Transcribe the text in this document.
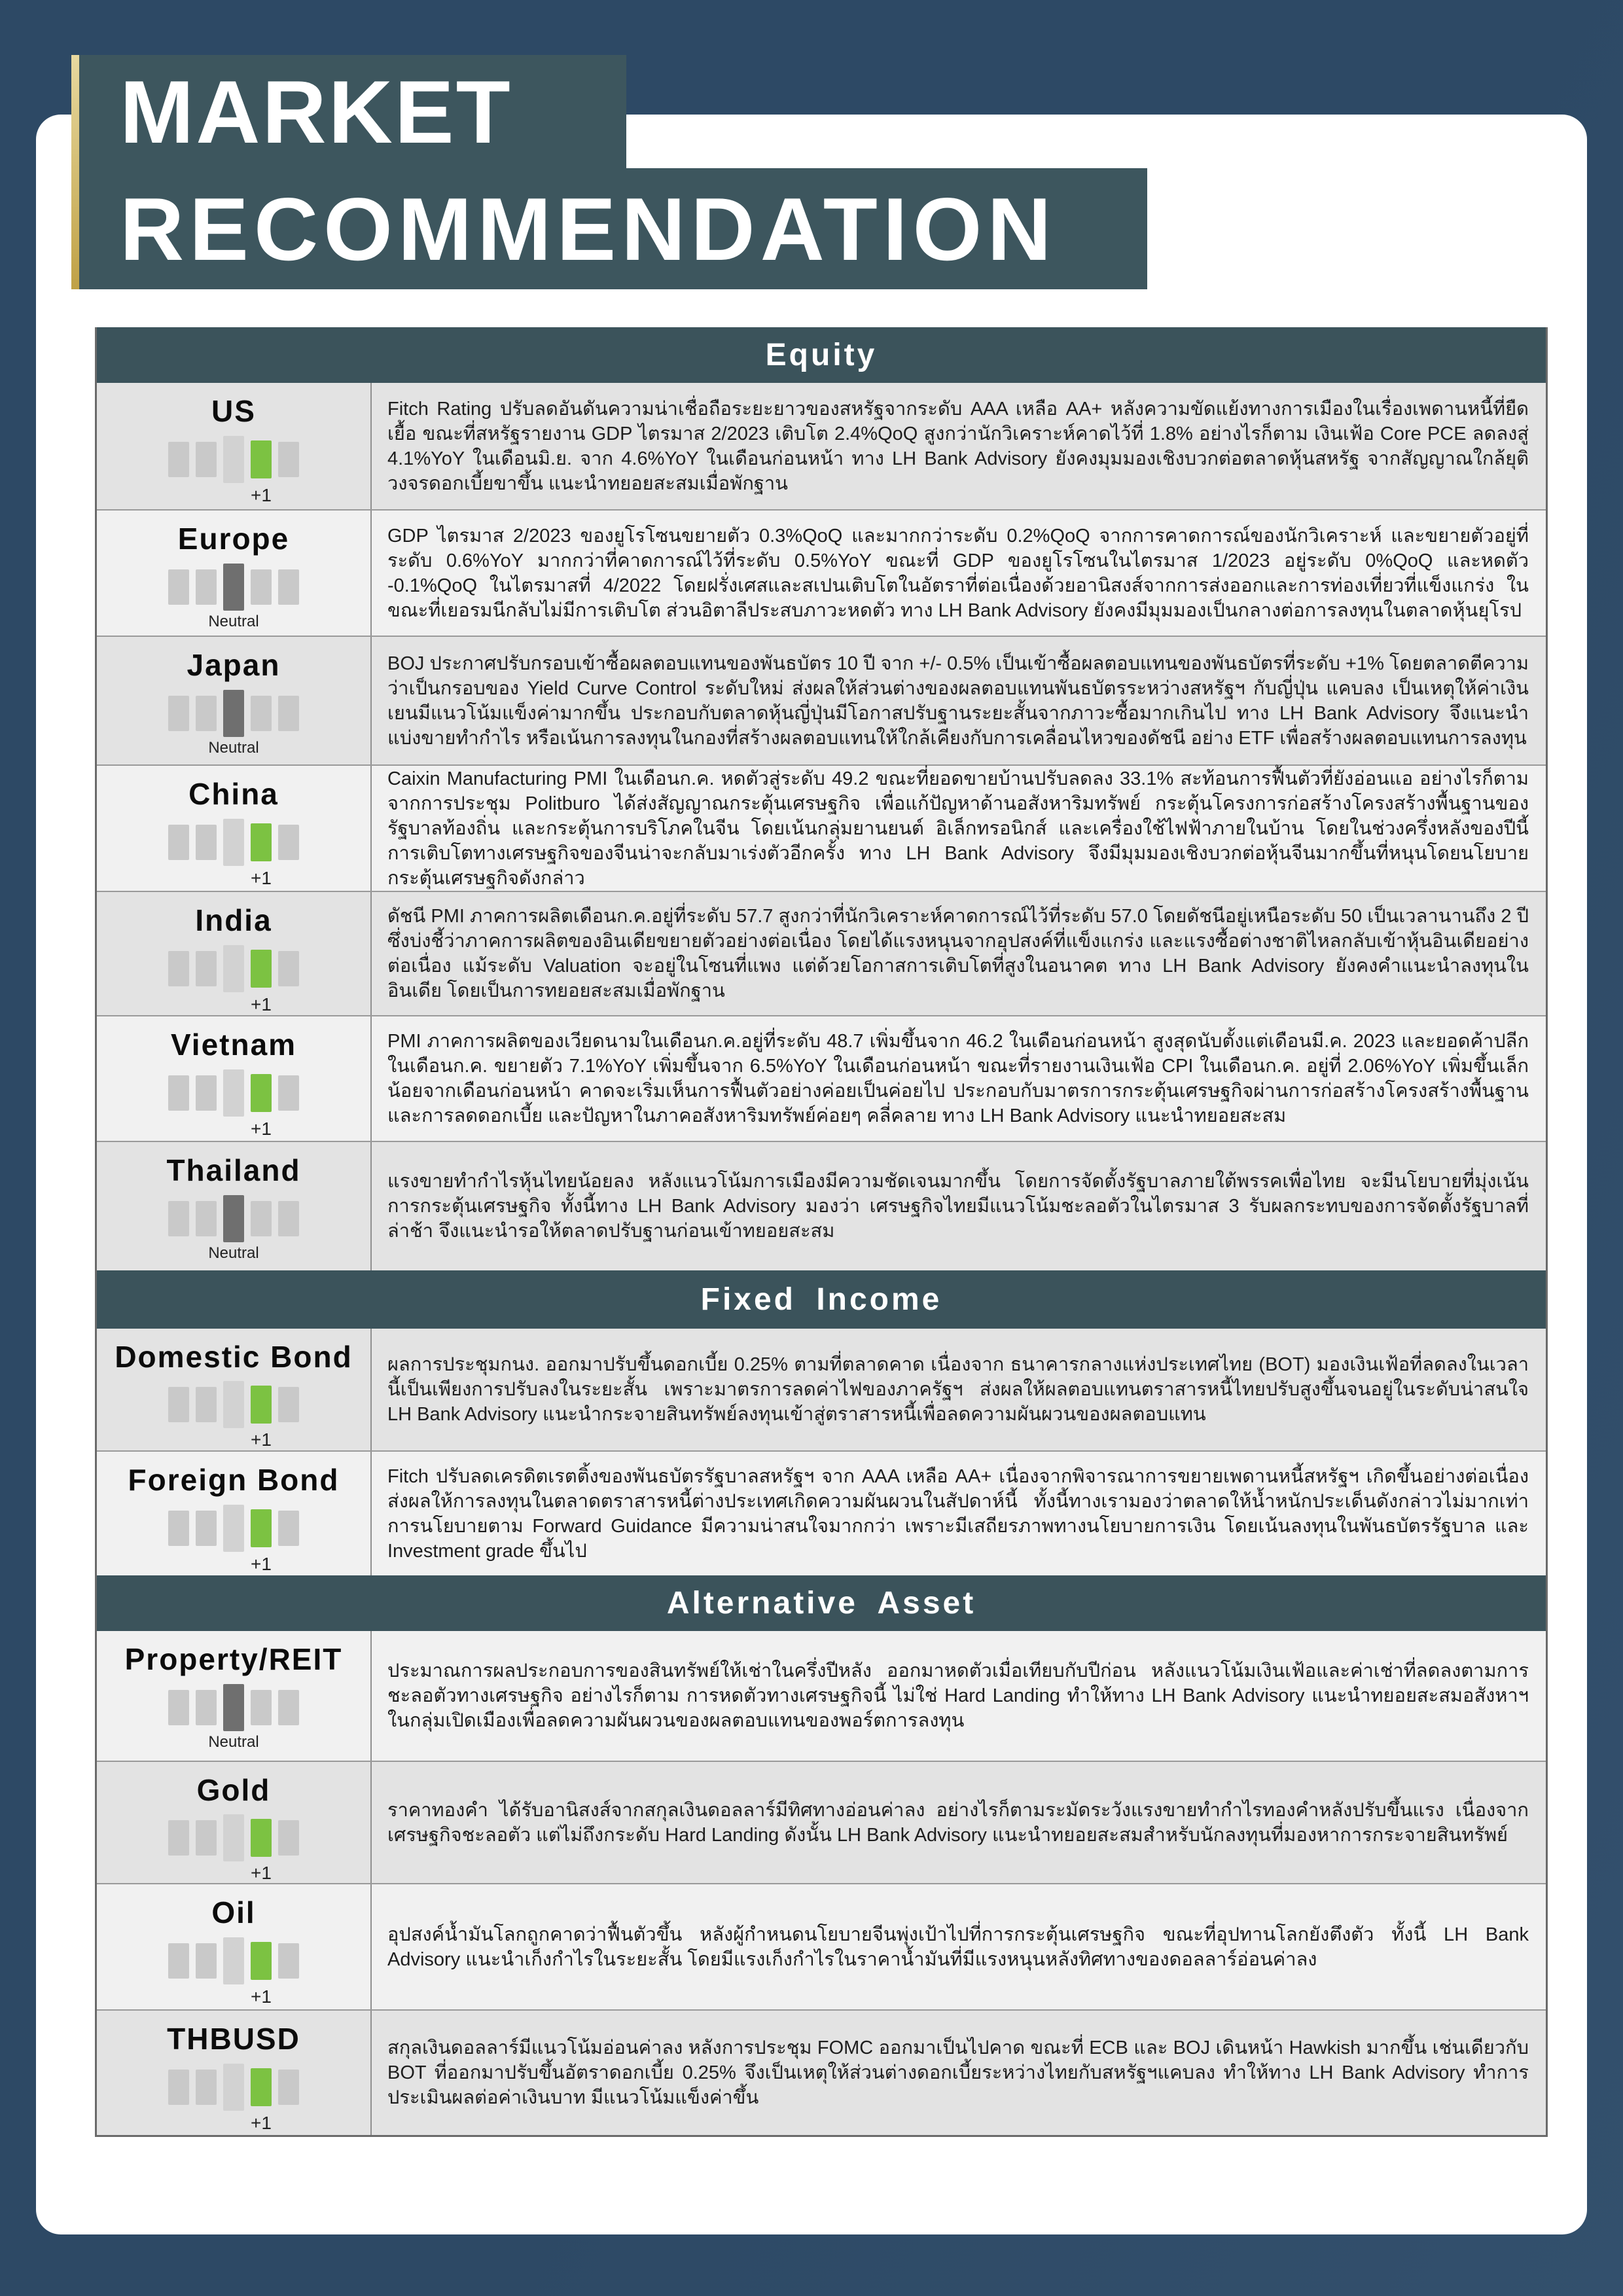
MARKET
RECOMMENDATION
Equity
US
+1

Fitch Rating ปรับลดอันดันความน่าเชื่อถือระยะยาวของสหรัฐจากระดับ AAA เหลือ AA+ หลังความขัดแย้งทางการเมืองในเรื่องเพดานหนี้ที่ยืดเยื้อ ขณะที่สหรัฐรายงาน GDP ไตรมาส 2/2023 เติบโต 2.4%QoQ สูงกว่านักวิเคราะห์คาดไว้ที่ 1.8% อย่างไรก็ตาม เงินเฟ้อ Core PCE ลดลงสู่ 4.1%YoY ในเดือนมิ.ย. จาก 4.6%YoY ในเดือนก่อนหน้า ทาง LH Bank Advisory ยังคงมุมมองเชิงบวกต่อตลาดหุ้นสหรัฐ จากสัญญาณใกล้ยุติวงจรดอกเบี้ยขาขึ้น แนะนำทยอยสะสมเมื่อพักฐาน

Europe
Neutral

GDP ไตรมาส 2/2023 ของยูโรโซนขยายตัว 0.3%QoQ และมากกว่าระดับ 0.2%QoQ จากการคาดการณ์ของนักวิเคราะห์ และขยายตัวอยู่ที่ระดับ 0.6%YoY มากกว่าที่คาดการณ์ไว้ที่ระดับ 0.5%YoY ขณะที่ GDP ของยูโรโซนในไตรมาส 1/2023 อยู่ระดับ 0%QoQ และหดตัว -0.1%QoQ ในไตรมาสที่ 4/2022 โดยฝรั่งเศสและสเปนเติบโตในอัตราที่ต่อเนื่องด้วยอานิสงส์จากการส่งออกและการท่องเที่ยวที่แข็งแกร่ง ในขณะที่เยอรมนีกลับไม่มีการเติบโต ส่วนอิตาลีประสบภาวะหดตัว ทาง LH Bank Advisory ยังคงมีมุมมองเป็นกลางต่อการลงทุนในตลาดหุ้นยุโรป

Japan
Neutral

BOJ ประกาศปรับกรอบเข้าซื้อผลตอบแทนของพันธบัตร 10 ปี จาก +/- 0.5% เป็นเข้าซื้อผลตอบแทนของพันธบัตรที่ระดับ +1% โดยตลาดตีความว่าเป็นกรอบของ Yield Curve Control ระดับใหม่ ส่งผลให้ส่วนต่างของผลตอบแทนพันธบัตรระหว่างสหรัฐฯ กับญี่ปุ่น แคบลง เป็นเหตุให้ค่าเงินเยนมีแนวโน้มแข็งค่ามากขึ้น ประกอบกับตลาดหุ้นญี่ปุ่นมีโอกาสปรับฐานระยะสั้นจากภาวะซื้อมากเกินไป ทาง LH Bank Advisory จึงแนะนำแบ่งขายทำกำไร หรือเน้นการลงทุนในกองที่สร้างผลตอบแทนให้ใกล้เคียงกับการเคลื่อนไหวของดัชนี อย่าง ETF เพื่อสร้างผลตอบแทนการลงทุน

China
+1

Caixin Manufacturing PMI ในเดือนก.ค. หดตัวสู่ระดับ 49.2 ขณะที่ยอดขายบ้านปรับลดลง 33.1% สะท้อนการฟื้นตัวที่ยังอ่อนแอ อย่างไรก็ตาม จากการประชุม Politburo ได้ส่งสัญญาณกระตุ้นเศรษฐกิจ เพื่อแก้ปัญหาด้านอสังหาริมทรัพย์ กระตุ้นโครงการก่อสร้างโครงสร้างพื้นฐานของรัฐบาลท้องถิ่น และกระตุ้นการบริโภคในจีน โดยเน้นกลุ่มยานยนต์ อิเล็กทรอนิกส์ และเครื่องใช้ไฟฟ้าภายในบ้าน โดยในช่วงครึ่งหลังของปีนี้การเติบโตทางเศรษฐกิจของจีนน่าจะกลับมาเร่งตัวอีกครั้ง ทาง LH Bank Advisory จึงมีมุมมองเชิงบวกต่อหุ้นจีนมากขึ้นที่หนุนโดยนโยบายกระตุ้นเศรษฐกิจดังกล่าว

India
+1

ดัชนี PMI ภาคการผลิตเดือนก.ค.อยู่ที่ระดับ 57.7 สูงกว่าที่นักวิเคราะห์คาดการณ์ไว้ที่ระดับ 57.0 โดยดัชนีอยู่เหนือระดับ 50 เป็นเวลานานถึง 2 ปี ซึ่งบ่งชี้ว่าภาคการผลิตของอินเดียขยายตัวอย่างต่อเนื่อง โดยได้แรงหนุนจากอุปสงค์ที่แข็งแกร่ง และแรงซื้อต่างชาติไหลกลับเข้าหุ้นอินเดียอย่างต่อเนื่อง แม้ระดับ Valuation จะอยู่ในโซนที่แพง แต่ด้วยโอกาสการเติบโตที่สูงในอนาคต ทาง LH Bank Advisory ยังคงคำแนะนำลงทุนในอินเดีย โดยเป็นการทยอยสะสมเมื่อพักฐาน

Vietnam
+1

PMI ภาคการผลิตของเวียดนามในเดือนก.ค.อยู่ที่ระดับ 48.7 เพิ่มขึ้นจาก 46.2 ในเดือนก่อนหน้า สูงสุดนับตั้งแต่เดือนมี.ค. 2023 และยอดค้าปลีกในเดือนก.ค. ขยายตัว 7.1%YoY เพิ่มขึ้นจาก 6.5%YoY ในเดือนก่อนหน้า ขณะที่รายงานเงินเฟ้อ CPI ในเดือนก.ค. อยู่ที่ 2.06%YoY เพิ่มขึ้นเล็กน้อยจากเดือนก่อนหน้า คาดจะเริ่มเห็นการฟื้นตัวอย่างค่อยเป็นค่อยไป ประกอบกับมาตรการกระตุ้นเศรษฐกิจผ่านการก่อสร้างโครงสร้างพื้นฐานและการลดดอกเบี้ย และปัญหาในภาคอสังหาริมทรัพย์ค่อยๆ คลี่คลาย ทาง LH Bank Advisory แนะนำทยอยสะสม

Thailand
Neutral

แรงขายทำกำไรหุ้นไทยน้อยลง หลังแนวโน้มการเมืองมีความชัดเจนมากขึ้น โดยการจัดตั้งรัฐบาลภายใต้พรรคเพื่อไทย จะมีนโยบายที่มุ่งเน้นการกระตุ้นเศรษฐกิจ ทั้งนี้ทาง LH Bank Advisory มองว่า เศรษฐกิจไทยมีแนวโน้มชะลอตัวในไตรมาส 3 รับผลกระทบของการจัดตั้งรัฐบาลที่ล่าช้า จึงแนะนำรอให้ตลาดปรับฐานก่อนเข้าทยอยสะสม

Fixed Income
Domestic Bond
+1

ผลการประชุมกนง. ออกมาปรับขึ้นดอกเบี้ย 0.25% ตามที่ตลาดคาด เนื่องจาก ธนาคารกลางแห่งประเทศไทย (BOT) มองเงินเฟ้อที่ลดลงในเวลานี้เป็นเพียงการปรับลงในระยะสั้น เพราะมาตรการลดค่าไฟของภาครัฐฯ ส่งผลให้ผลตอบแทนตราสารหนี้ไทยปรับสูงขึ้นจนอยู่ในระดับน่าสนใจ LH Bank Advisory แนะนำกระจายสินทรัพย์ลงทุนเข้าสู่ตราสารหนี้เพื่อลดความผันผวนของผลตอบแทน

Foreign Bond
+1

Fitch ปรับลดเครดิตเรตติ้งของพันธบัตรรัฐบาลสหรัฐฯ จาก AAA เหลือ AA+ เนื่องจากพิจารณาการขยายเพดานหนี้สหรัฐฯ เกิดขึ้นอย่างต่อเนื่อง ส่งผลให้การลงทุนในตลาดตราสารหนี้ต่างประเทศเกิดความผันผวนในสัปดาห์นี้ ทั้งนี้ทางเรามองว่าตลาดให้น้ำหนักประเด็นดังกล่าวไม่มากเท่าการนโยบายตาม Forward Guidance มีความน่าสนใจมากกว่า เพราะมีเสถียรภาพทางนโยบายการเงิน โดยเน้นลงทุนในพันธบัตรรัฐบาล และ Investment grade ขึ้นไป

Alternative Asset
Property/REIT
Neutral

ประมาณการผลประกอบการของสินทรัพย์ให้เช่าในครึ่งปีหลัง ออกมาหดตัวเมื่อเทียบกับปีก่อน หลังแนวโน้มเงินเฟ้อและค่าเช่าที่ลดลงตามการชะลอตัวทางเศรษฐกิจ อย่างไรก็ตาม การหดตัวทางเศรษฐกิจนี้ ไม่ใช่ Hard Landing ทำให้ทาง LH Bank Advisory แนะนำทยอยสะสมอสังหาฯ ในกลุ่มเปิดเมืองเพื่อลดความผันผวนของผลตอบแทนของพอร์ตการลงทุน

Gold
+1

ราคาทองคำ ได้รับอานิสงส์จากสกุลเงินดอลลาร์มีทิศทางอ่อนค่าลง อย่างไรก็ตามระมัดระวังแรงขายทำกำไรทองคำหลังปรับขึ้นแรง เนื่องจากเศรษฐกิจชะลอตัว แต่ไม่ถึงกระดับ Hard Landing ดังนั้น LH Bank Advisory แนะนำทยอยสะสมสำหรับนักลงทุนที่มองหาการกระจายสินทรัพย์

Oil
+1

อุปสงค์น้ำมันโลกถูกคาดว่าฟื้นตัวขึ้น หลังผู้กำหนดนโยบายจีนพุ่งเป้าไปที่การกระตุ้นเศรษฐกิจ ขณะที่อุปทานโลกยังตึงตัว ทั้งนี้ LH Bank Advisory แนะนำเก็งกำไรในระยะสั้น โดยมีแรงเก็งกำไรในราคาน้ำมันที่มีแรงหนุนหลังทิศทางของดอลลาร์อ่อนค่าลง

THBUSD
+1

สกุลเงินดอลลาร์มีแนวโน้มอ่อนค่าลง หลังการประชุม FOMC ออกมาเป็นไปคาด ขณะที่ ECB และ BOJ เดินหน้า Hawkish มากขึ้น เช่นเดียวกับ BOT ที่ออกมาปรับขึ้นอัตราดอกเบี้ย 0.25% จึงเป็นเหตุให้ส่วนต่างดอกเบี้ยระหว่างไทยกับสหรัฐฯแคบลง ทำให้ทาง LH Bank Advisory ทำการประเมินผลต่อค่าเงินบาท มีแนวโน้มแข็งค่าขึ้น
